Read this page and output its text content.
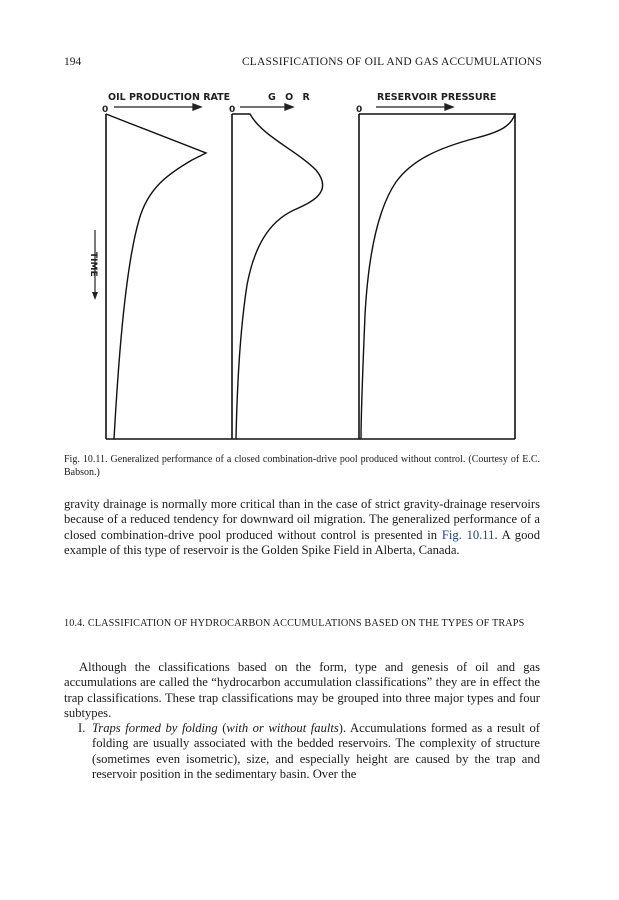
194	CLASSIFICATIONS OF OIL AND GAS ACCUMULATIONS
OIL PRODUCTION RATE	G O R	RESERVOIR PRESSURE
0	0	0
TIME
Fig. 10.11. Generalized performance of a closed combination-drive pool produced without control. (Courtesy of E.C. Babson.)

gravity drainage is normally more critical than in the case of strict gravity-drainage reservoirs because of a reduced tendency for downward oil migration. The generalized performance of a closed combination-drive pool produced without control is presented in Fig. 10.11. A good example of this type of reservoir is the Golden Spike Field in Alberta, Canada.

10.4. CLASSIFICATION OF HYDROCARBON ACCUMULATIONS BASED ON THE TYPES OF TRAPS

Although the classifications based on the form, type and genesis of oil and gas accumulations are called the “hydrocarbon accumulation classifications” they are in effect the trap classifications. These trap classifications may be grouped into three major types and four subtypes.

I. Traps formed by folding (with or without faults). Accumulations formed as a result of folding are usually associated with the bedded reservoirs. The complexity of structure (sometimes even isometric), size, and especially height are caused by the trap and reservoir position in the sedimentary basin. Over the
